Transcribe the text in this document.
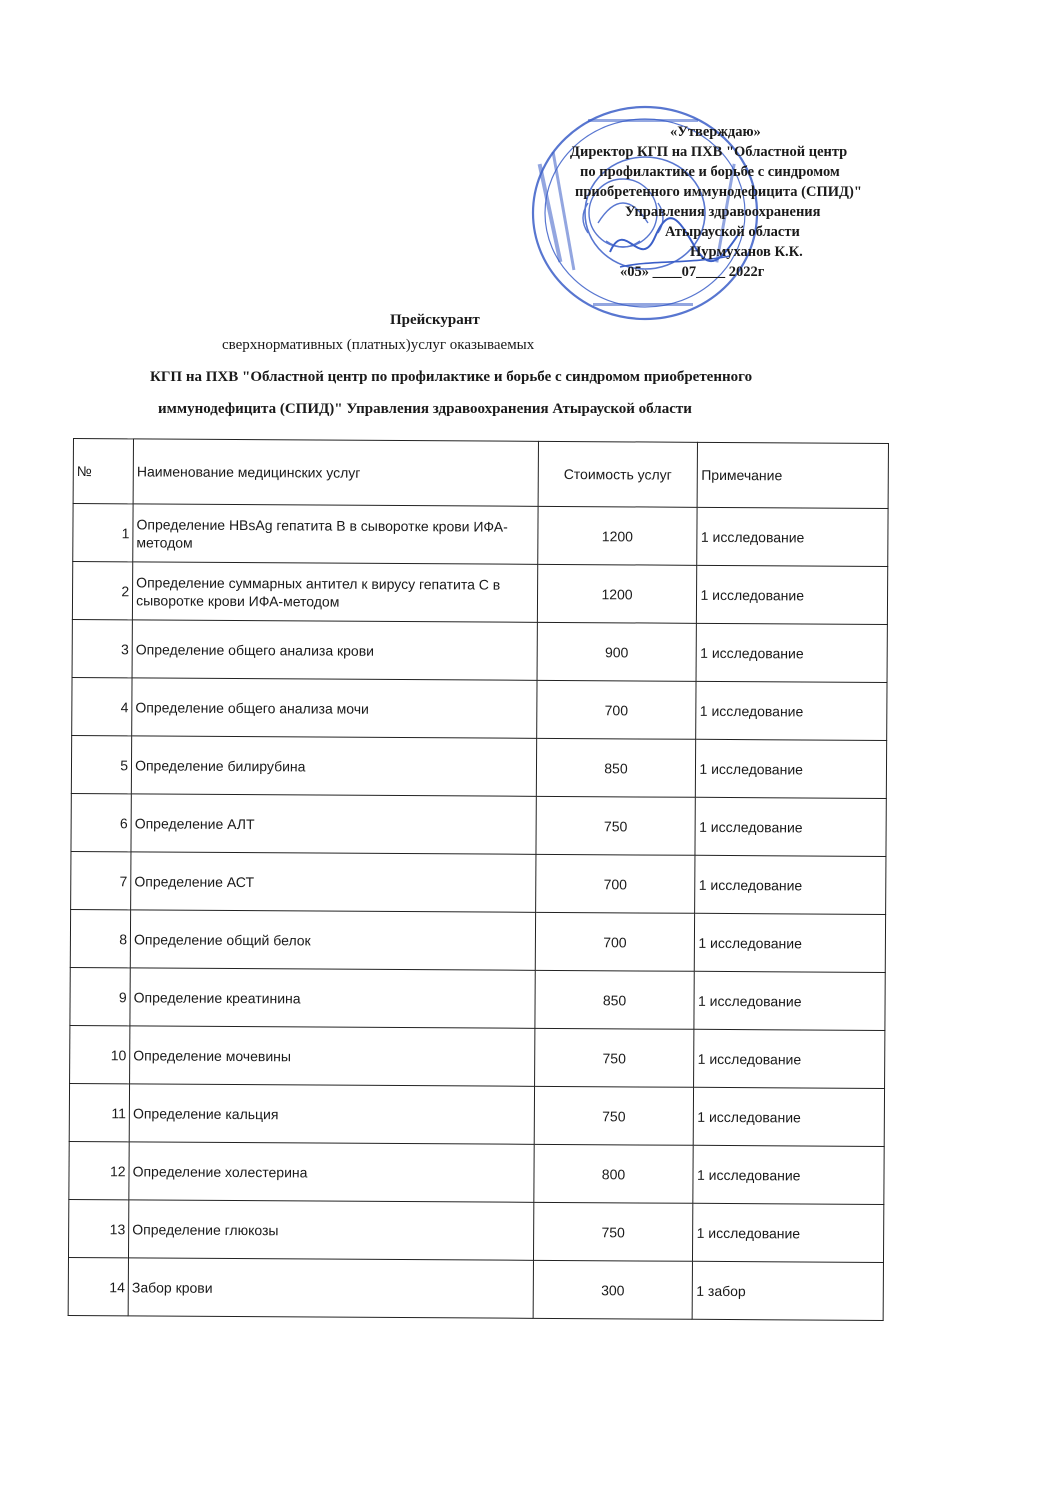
«Утверждаю»
Директор КГП на ПХВ "Областной центр
по профилактике и борьбе с синдромом
приобретенного иммунодефицита (СПИД)"
Управления здравоохранения
Атырауской области
Нурмуханов К.К.
«05» ____07____ 2022г
Прейскурант
сверхнормативных (платных)услуг оказываемых
КГП на ПХВ "Областной центр по профилактике и борьбе с синдромом приобретенного
иммунодефицита (СПИД)" Управления здравоохранения Атырауской области
№	Наименование медицинских услуг	Стоимость услуг	Примечание
1	Определение HBsAg гепатита В в сыворотке крови ИФА-методом	1200	1 исследование
2	Определение суммарных антител к вирусу гепатита С в сыворотке крови ИФА-методом	1200	1 исследование
3	Определение общего анализа крови	900	1 исследование
4	Определение общего анализа мочи	700	1 исследование
5	Определение билирубина	850	1 исследование
6	Определение АЛТ	750	1 исследование
7	Определение АСТ	700	1 исследование
8	Определение общий белок	700	1 исследование
9	Определение креатинина	850	1 исследование
10	Определение мочевины	750	1 исследование
11	Определение кальция	750	1 исследование
12	Определение холестерина	800	1 исследование
13	Определение глюкозы	750	1 исследование
14	Забор крови	300	1 забор
